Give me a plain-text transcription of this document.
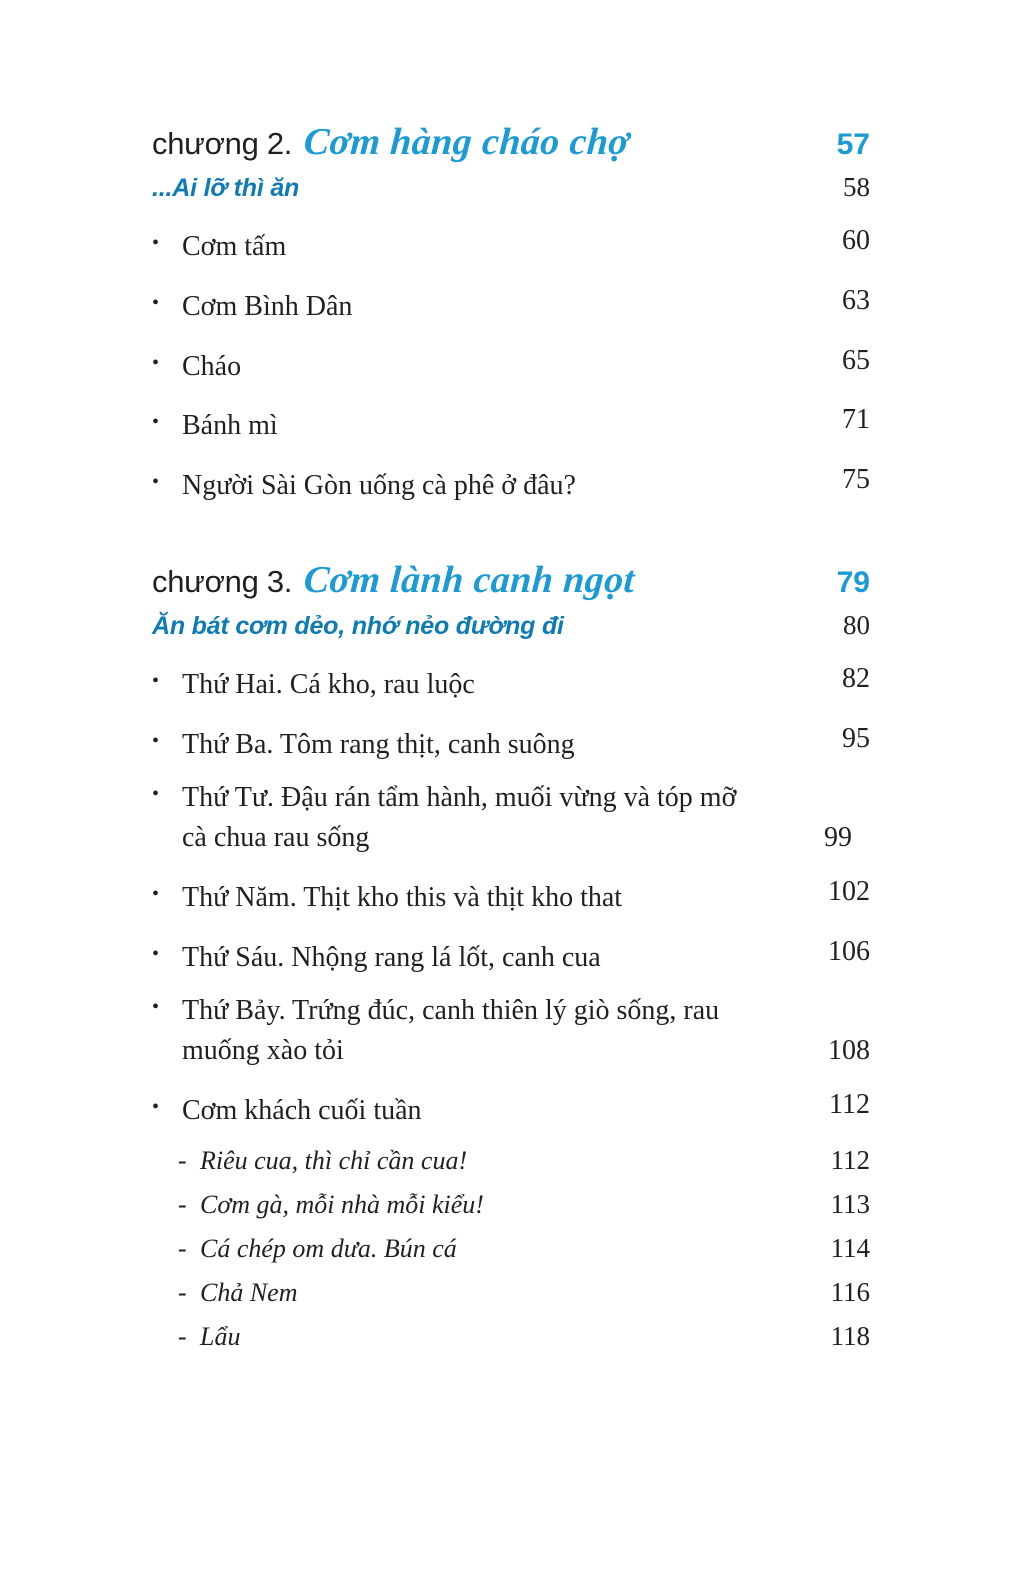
chương 2. Cơm hàng cháo chợ	57
...Ai lỡ thì ăn	58
• Cơm tấm	60
• Cơm Bình Dân	63
• Cháo	65
• Bánh mì	71
• Người Sài Gòn uống cà phê ở đâu?	75
chương 3. Cơm lành canh ngọt	79
Ăn bát cơm dẻo, nhớ nẻo đường đi	80
• Thứ Hai. Cá kho, rau luộc	82
• Thứ Ba. Tôm rang thịt, canh suông	95
• Thứ Tư. Đậu rán tẩm hành, muối vừng và tóp mỡ cà chua rau sống	99
• Thứ Năm. Thịt kho this và thịt kho that	102
• Thứ Sáu. Nhộng rang lá lốt, canh cua	106
• Thứ Bảy. Trứng đúc, canh thiên lý giò sống, rau muống xào tỏi	108
• Cơm khách cuối tuần	112
- Riêu cua, thì chỉ cần cua!	112
- Cơm gà, mỗi nhà mỗi kiểu!	113
- Cá chép om dưa. Bún cá	114
- Chả Nem	116
- Lẩu	118
